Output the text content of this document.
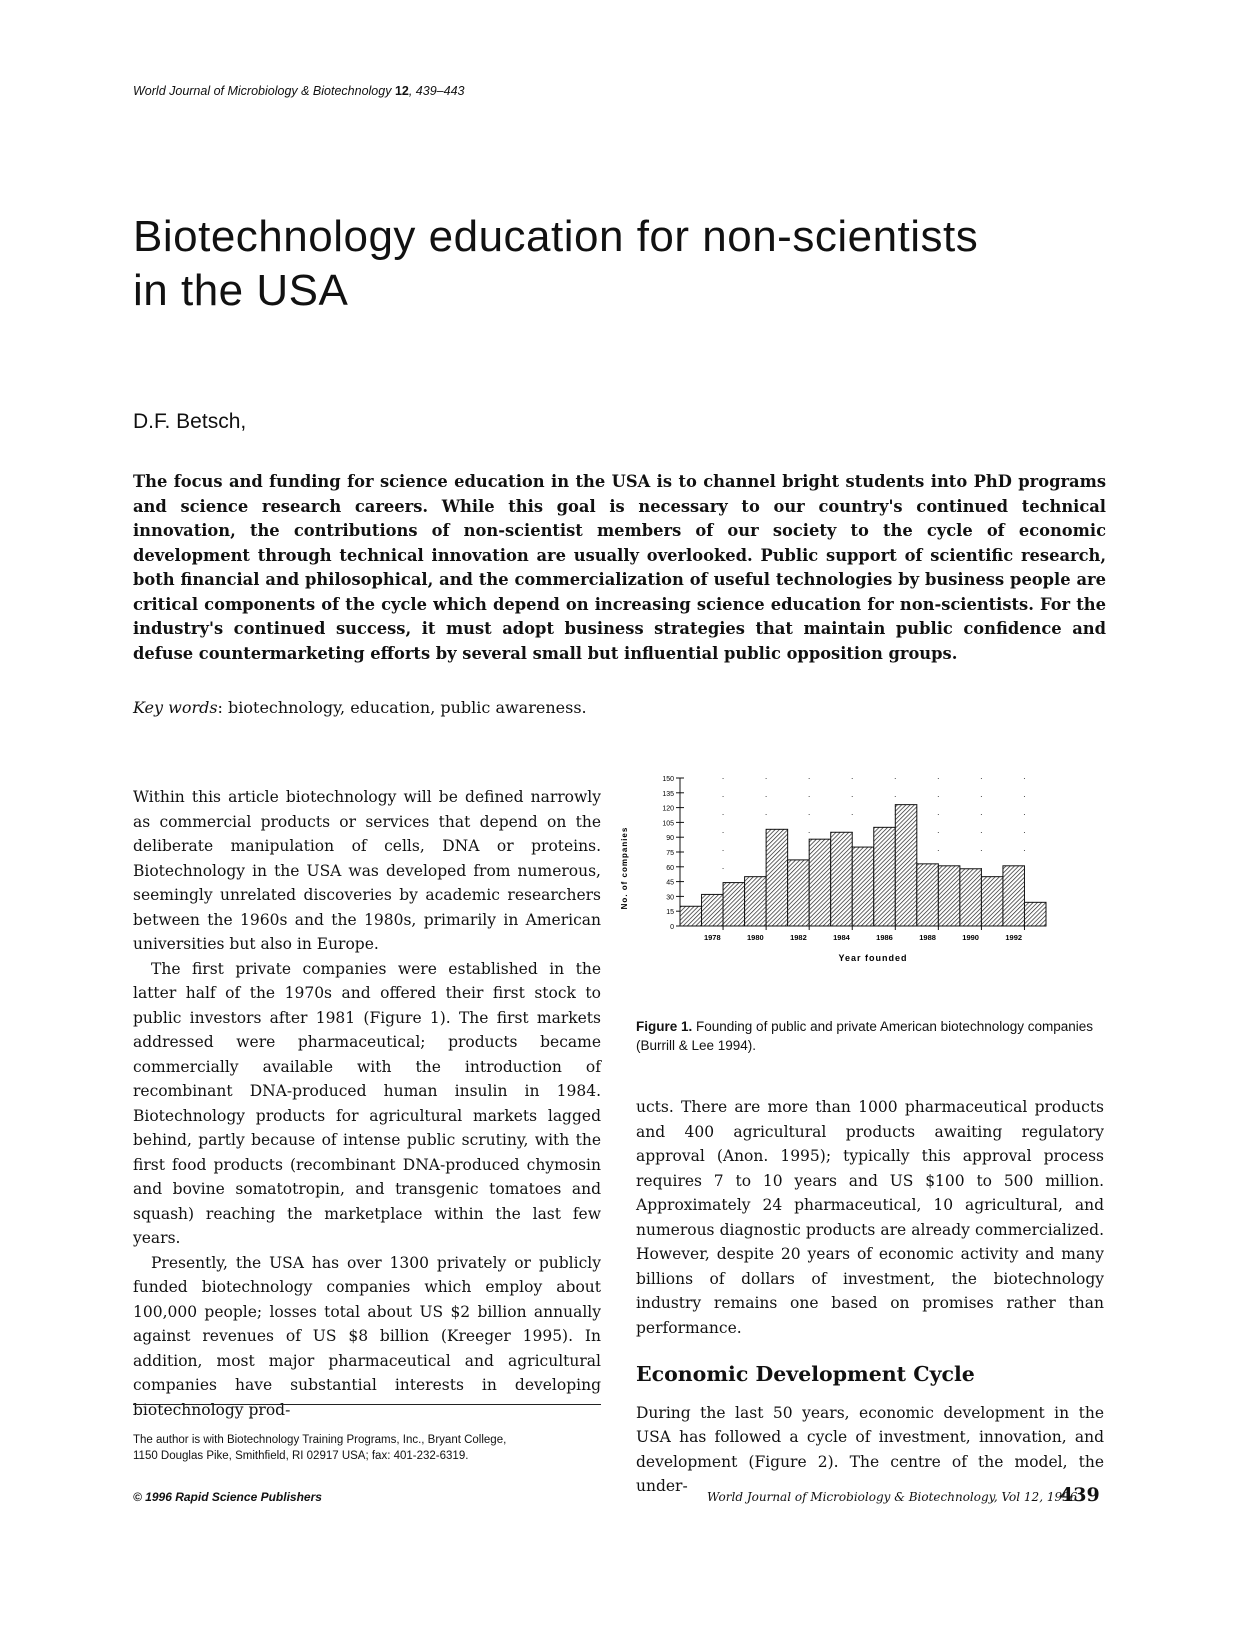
World Journal of Microbiology & Biotechnology 12, 439–443
Biotechnology education for non-scientists
in the USA
D.F. Betsch,

The focus and funding for science education in the USA is to channel bright students into PhD programs and science research careers. While this goal is necessary to our country's continued technical innovation, the contributions of non-scientist members of our society to the cycle of economic development through technical innovation are usually overlooked. Public support of scientific research, both financial and philosophical, and the commercialization of useful technologies by business people are critical components of the cycle which depend on increasing science education for non-scientists. For the industry's continued success, it must adopt business strategies that maintain public confidence and defuse countermarketing efforts by several small but influential public opposition groups.

Key words: biotechnology, education, public awareness.

Within this article biotechnology will be defined narrowly as commercial products or services that depend on the deliberate manipulation of cells, DNA or proteins. Biotechnology in the USA was developed from numerous, seemingly unrelated discoveries by academic researchers between the 1960s and the 1980s, primarily in American universities but also in Europe.

The first private companies were established in the latter half of the 1970s and offered their first stock to public investors after 1981 (Figure 1). The first markets addressed were pharmaceutical; products became commercially available with the introduction of recombinant DNA-produced human insulin in 1984. Biotechnology products for agricultural markets lagged behind, partly because of intense public scrutiny, with the first food products (recombinant DNA-produced chymosin and bovine somatotropin, and transgenic tomatoes and squash) reaching the marketplace within the last few years.

Presently, the USA has over 1300 privately or publicly funded biotechnology companies which employ about 100,000 people; losses total about US $2 billion annually against revenues of US $8 billion (Kreeger 1995). In addition, most major pharmaceutical and agricultural companies have substantial interests in developing biotechnology prod-

The author is with Biotechnology Training Programs, Inc., Bryant College,
1150 Douglas Pike, Smithfield, RI 02917 USA; fax: 401-232-6319.
© 1996 Rapid Science Publishers
0
15
30
45
60
75
90
105
120
135
150
1978	1980	1982	1984	1986	1988	1990	1992
Year founded
No. of companies
Figure 1. Founding of public and private American biotechnology companies (Burrill & Lee 1994).

ucts. There are more than 1000 pharmaceutical products and 400 agricultural products awaiting regulatory approval (Anon. 1995); typically this approval process requires 7 to 10 years and US $100 to 500 million. Approximately 24 pharmaceutical, 10 agricultural, and numerous diagnostic products are already commercialized. However, despite 20 years of economic activity and many billions of dollars of investment, the biotechnology industry remains one based on promises rather than performance.

Economic Development Cycle

During the last 50 years, economic development in the USA has followed a cycle of investment, innovation, and development (Figure 2). The centre of the model, the under-

World Journal of Microbiology & Biotechnology, Vol 12, 1996
439
